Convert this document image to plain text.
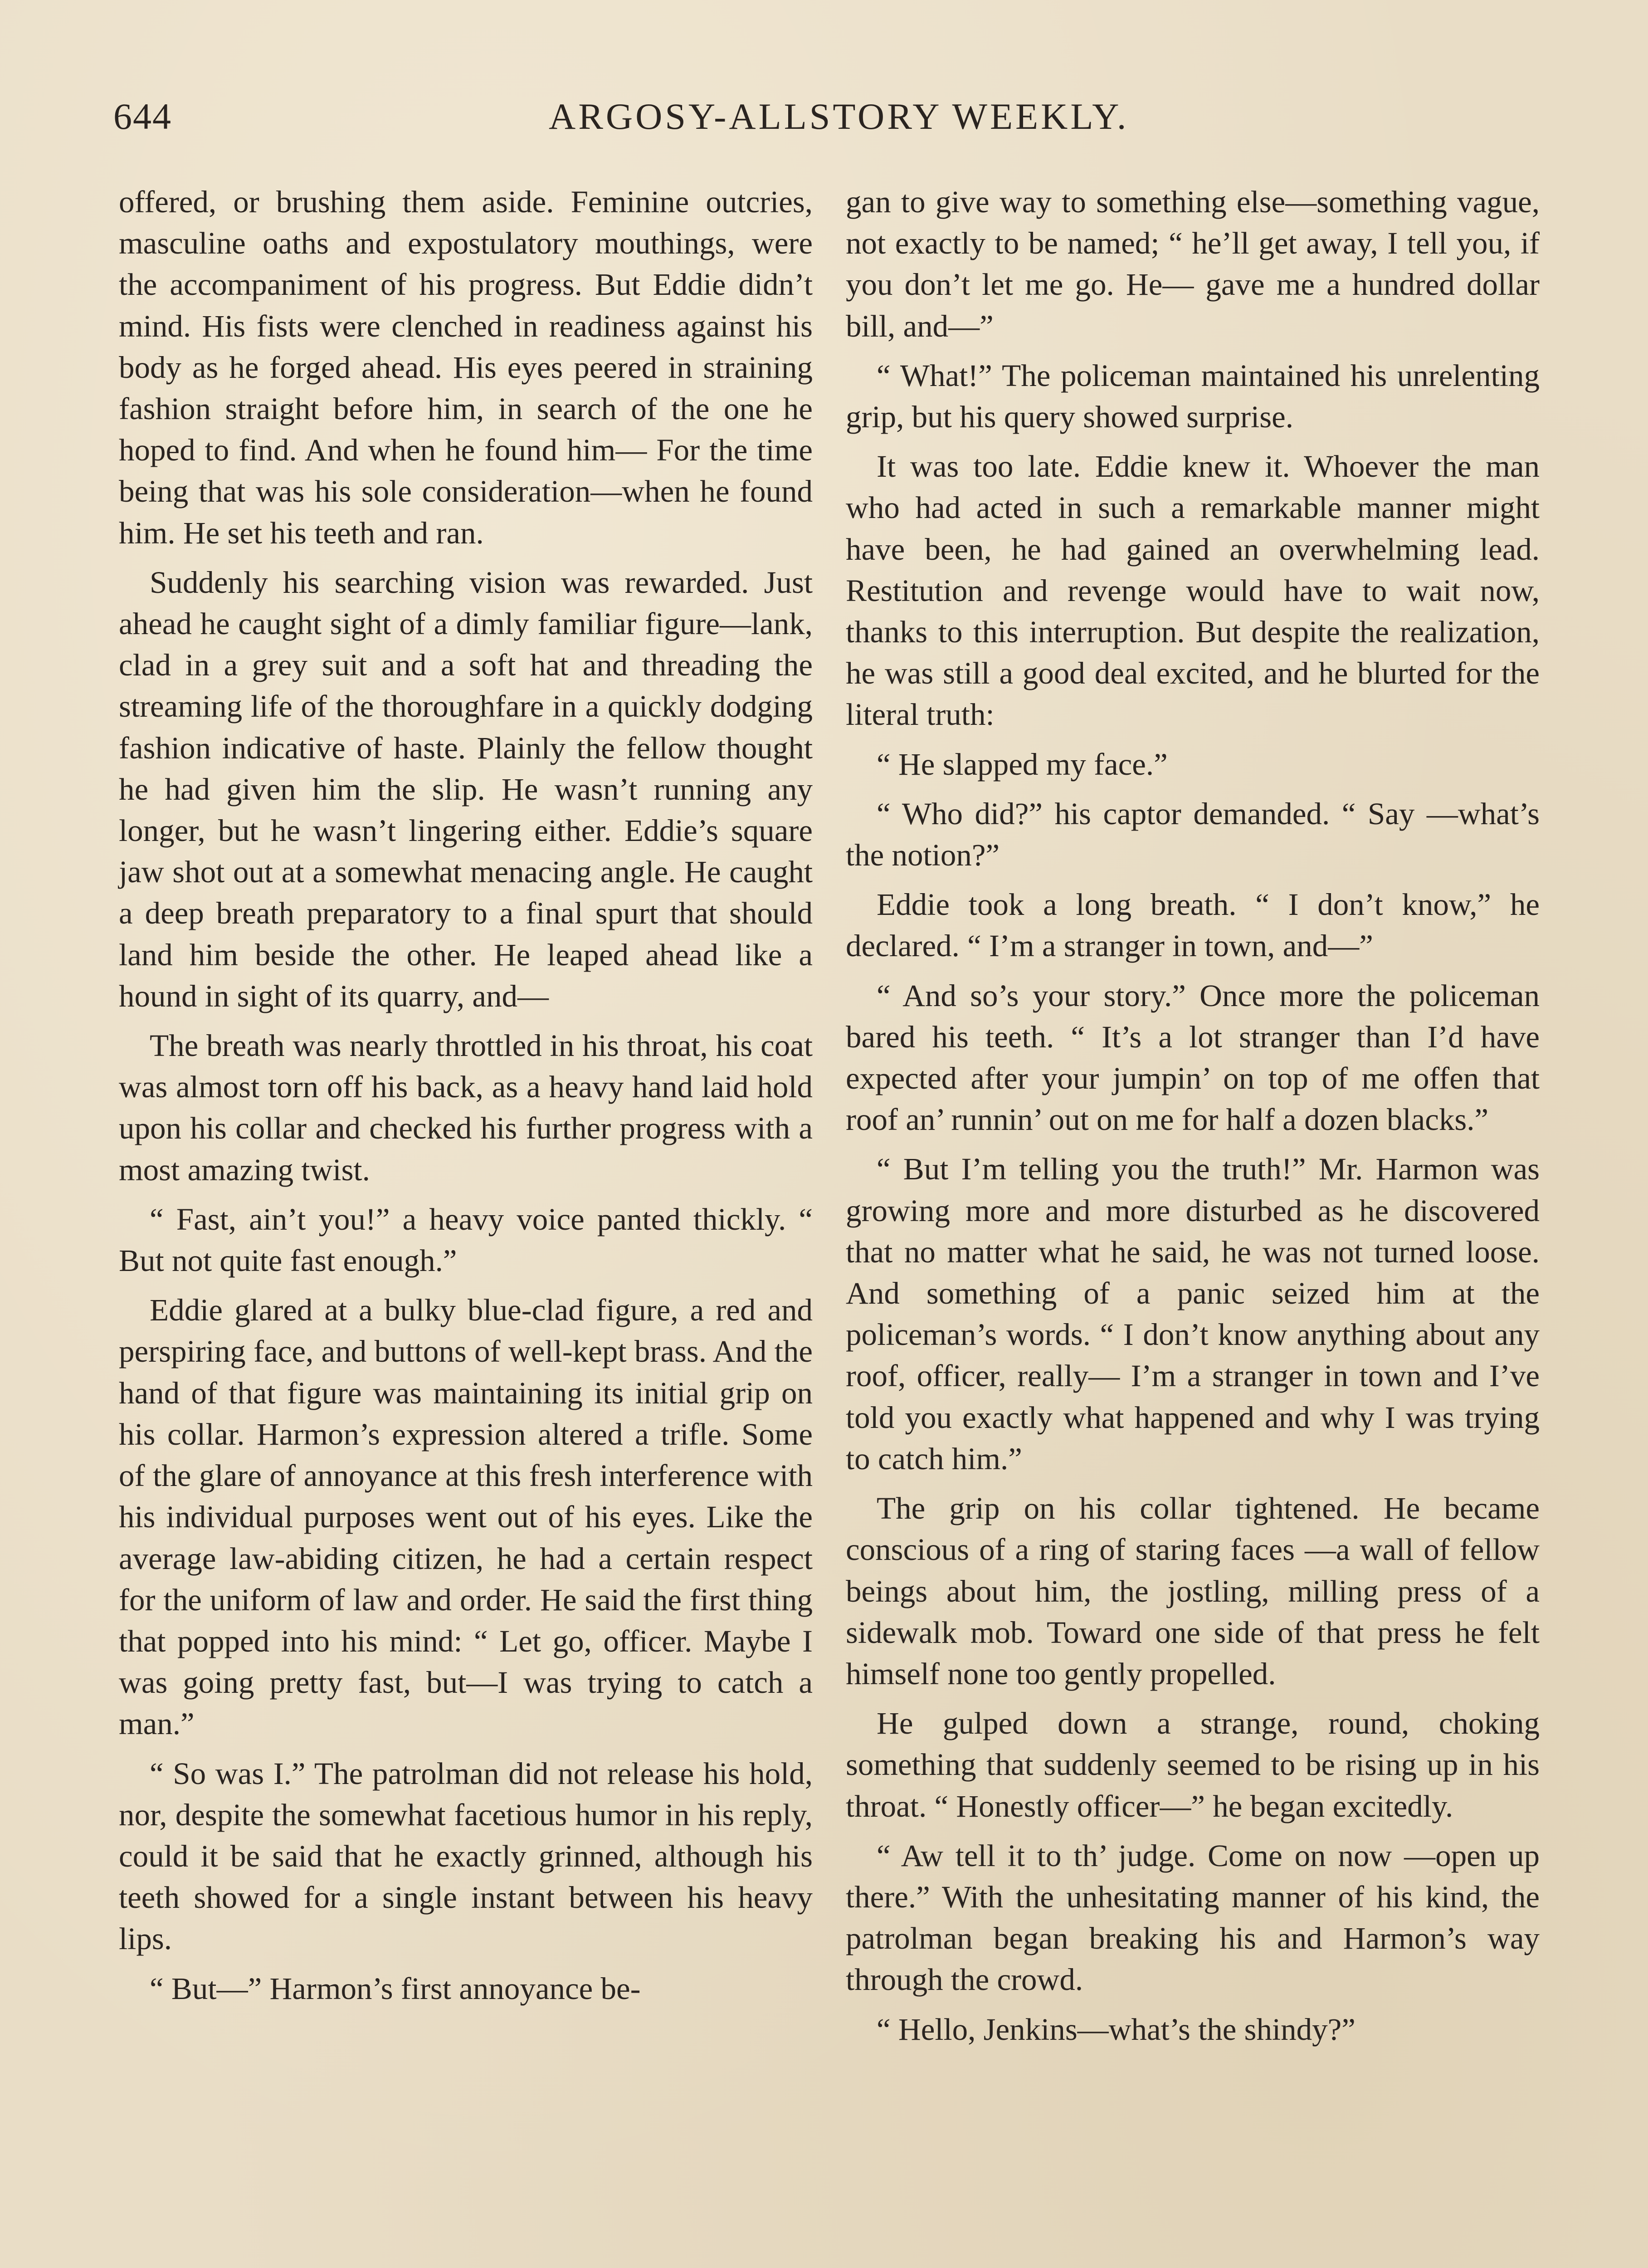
644	ARGOSY-ALLSTORY WEEKLY.

offered, or brushing them aside. Feminine outcries, masculine oaths and expostulatory mouthings, were the accompaniment of his progress. But Eddie didn’t mind. His fists were clenched in readiness against his body as he forged ahead. His eyes peered in straining fashion straight before him, in search of the one he hoped to find. And when he found him— For the time being that was his sole consideration—when he found him. He set his teeth and ran.

Suddenly his searching vision was rewarded. Just ahead he caught sight of a dimly familiar figure—lank, clad in a grey suit and a soft hat and threading the streaming life of the thoroughfare in a quickly dodging fashion indicative of haste. Plainly the fellow thought he had given him the slip. He wasn’t running any longer, but he wasn’t lingering either. Eddie’s square jaw shot out at a somewhat menacing angle. He caught a deep breath preparatory to a final spurt that should land him beside the other. He leaped ahead like a hound in sight of its quarry, and—

The breath was nearly throttled in his throat, his coat was almost torn off his back, as a heavy hand laid hold upon his collar and checked his further progress with a most amazing twist.

“ Fast, ain’t you!” a heavy voice panted thickly. “ But not quite fast enough.”

Eddie glared at a bulky blue-clad figure, a red and perspiring face, and buttons of well-kept brass. And the hand of that figure was maintaining its initial grip on his collar. Harmon’s expression altered a trifle. Some of the glare of annoyance at this fresh interference with his individual purposes went out of his eyes. Like the average law-abiding citizen, he had a certain respect for the uniform of law and order. He said the first thing that popped into his mind: “ Let go, officer. Maybe I was going pretty fast, but—I was trying to catch a man.”

“ So was I.” The patrolman did not release his hold, nor, despite the somewhat facetious humor in his reply, could it be said that he exactly grinned, although his teeth showed for a single instant between his heavy lips.

“ But—” Harmon’s first annoyance be-

gan to give way to something else—something vague, not exactly to be named; “ he’ll get away, I tell you, if you don’t let me go. He— gave me a hundred dollar bill, and—”

“ What!” The policeman maintained his unrelenting grip, but his query showed surprise.

It was too late. Eddie knew it. Whoever the man who had acted in such a remarkable manner might have been, he had gained an overwhelming lead. Restitution and revenge would have to wait now, thanks to this interruption. But despite the realization, he was still a good deal excited, and he blurted for the literal truth:

“ He slapped my face.”

“ Who did?” his captor demanded. “ Say —what’s the notion?”

Eddie took a long breath. “ I don’t know,” he declared. “ I’m a stranger in town, and—”

“ And so’s your story.” Once more the policeman bared his teeth. “ It’s a lot stranger than I’d have expected after your jumpin’ on top of me offen that roof an’ runnin’ out on me for half a dozen blacks.”

“ But I’m telling you the truth!” Mr. Harmon was growing more and more disturbed as he discovered that no matter what he said, he was not turned loose. And something of a panic seized him at the policeman’s words. “ I don’t know anything about any roof, officer, really— I’m a stranger in town and I’ve told you exactly what happened and why I was trying to catch him.”

The grip on his collar tightened. He became conscious of a ring of staring faces —a wall of fellow beings about him, the jostling, milling press of a sidewalk mob. Toward one side of that press he felt himself none too gently propelled.

He gulped down a strange, round, choking something that suddenly seemed to be rising up in his throat. “ Honestly officer—” he began excitedly.

“ Aw tell it to th’ judge. Come on now —open up there.” With the unhesitating manner of his kind, the patrolman began breaking his and Harmon’s way through the crowd.

“ Hello, Jenkins—what’s the shindy?”
